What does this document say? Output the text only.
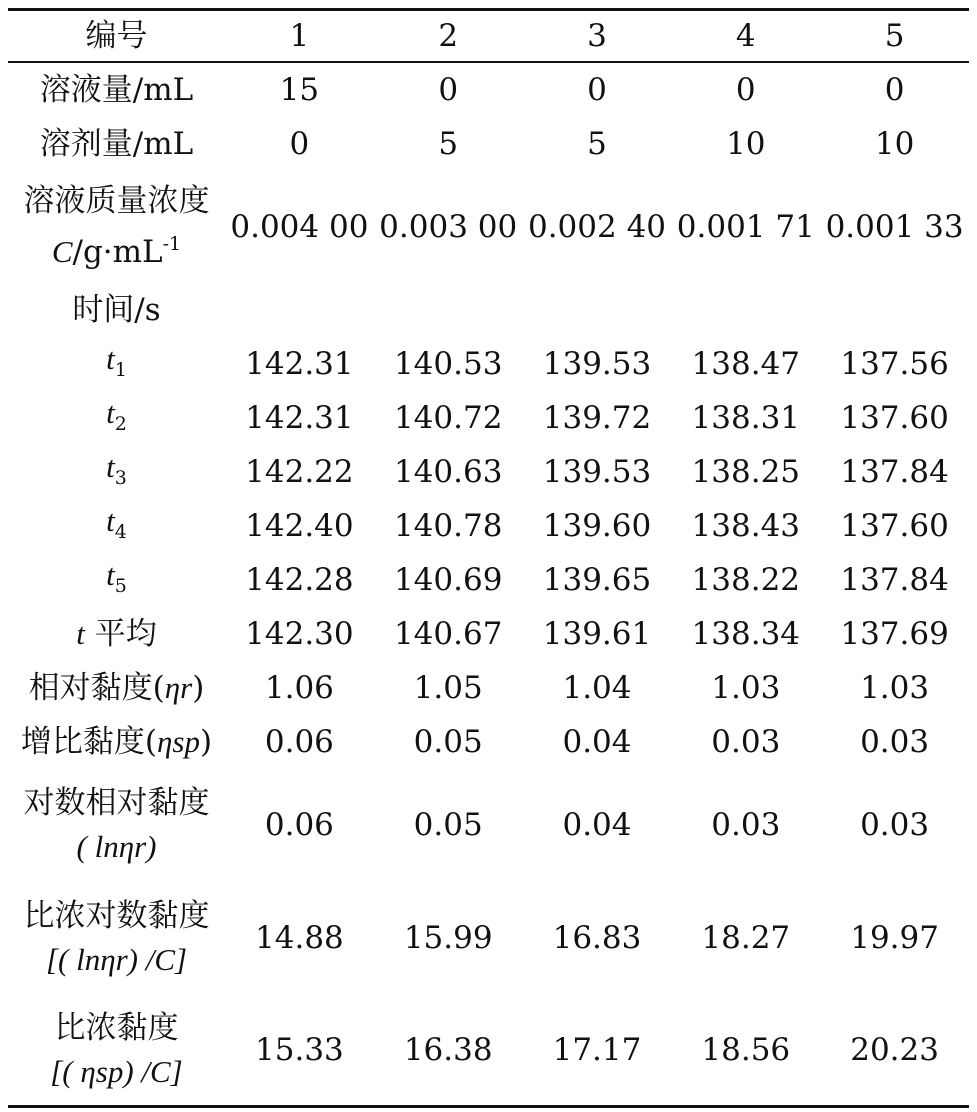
编号	1	2	3	4	5
溶液量/mL	15	0	0	0	0
溶剂量/mL	0	5	5	10	10

溶液质量浓度
$C/g\cdot mL^{-1}$	0.004 00	0.003 00	0.002 40	0.001 71	0.001 33
时间/s					
$t_1$	142.31	140.53	139.53	138.47	137.56
$t_2$	142.31	140.72	139.72	138.31	137.60
$t_3$	142.22	140.63	139.53	138.25	137.84
$t_4$	142.40	140.78	139.60	138.43	137.60
$t_5$	142.28	140.69	139.65	138.22	137.84
t 平均	142.30	140.67	139.61	138.34	137.69
相对黏度(ηr)	1.06	1.05	1.04	1.03	1.03
增比黏度(ηsp)	0.06	0.05	0.04	0.03	0.03

对数相对黏度
( lnηr)	0.06	0.05	0.04	0.03	0.03

比浓对数黏度
[( lnηr) /C]	14.88	15.99	16.83	18.27	19.97

比浓黏度
[( ηsp) /C]	15.33	16.38	17.17	18.56	20.23
